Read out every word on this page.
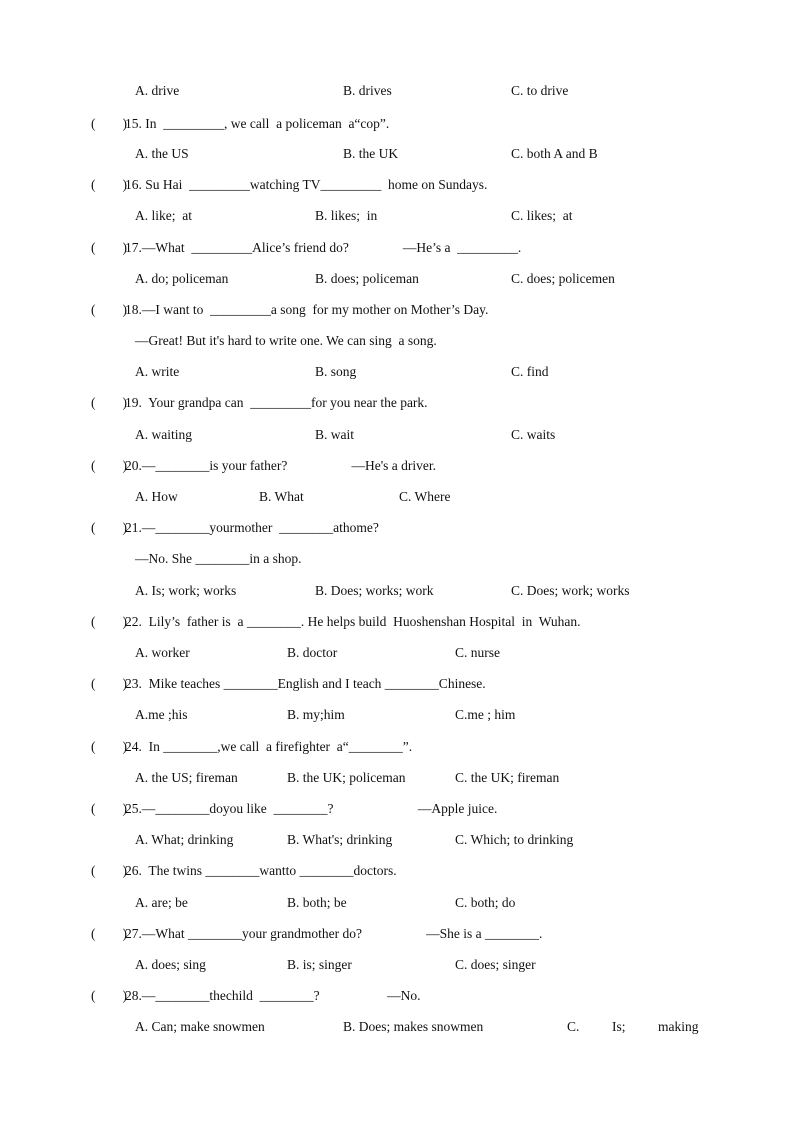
A. drive	B. drives	C. to drive
(        )
15. In  _________, we call  a policeman  a“cop”.
A. the US	B. the UK	C. both A and B
(        )
16. Su Hai  _________watching TV_________  home on Sundays.
A. like;  at	B. likes;  in	C. likes;  at
(        )
17.—What  _________Alice’s friend do?                —He’s a  _________.
A. do; policeman	B. does; policeman	C. does; policemen
(        )
18.—I want to  _________a song  for my mother on Mother’s Day.
—Great! But it's hard to write one. We can sing  a song.
A. write	B. song	C. find
(        )
19.  Your grandpa can  _________for you near the park.
A. waiting	B. wait	C. waits
(        )
20.—________is your father?                   —He's a driver.
A. How	B. What	C. Where
(        )
21.—________yourmother  ________athome?
—No. She ________in a shop.
A. Is; work; works	B. Does; works; work	C. Does; work; works
(        )
22.  Lily’s  father is  a ________. He helps build  Huoshenshan Hospital  in  Wuhan.
A. worker	B. doctor	C. nurse
(        )
23.  Mike teaches ________English and I teach ________Chinese.
A.me ;his	B. my;him	C.me ; him
(        )
24.  In ________,we call  a firefighter  a“________”.
A. the US; fireman	B. the UK; policeman	C. the UK; fireman
(        )
25.—________doyou like  ________?                         —Apple juice.
A. What; drinking	B. What's; drinking	C. Which; to drinking
(        )
26.  The twins ________wantto ________doctors.
A. are; be	B. both; be	C. both; do
(        )
27.—What ________your grandmother do?                   —She is a ________.
A. does; sing	B. is; singer	C. does; singer
(        )
28.—________thechild  ________?                    —No.
A. Can; make snowmen	B. Does; makes snowmen	C. Is; making
